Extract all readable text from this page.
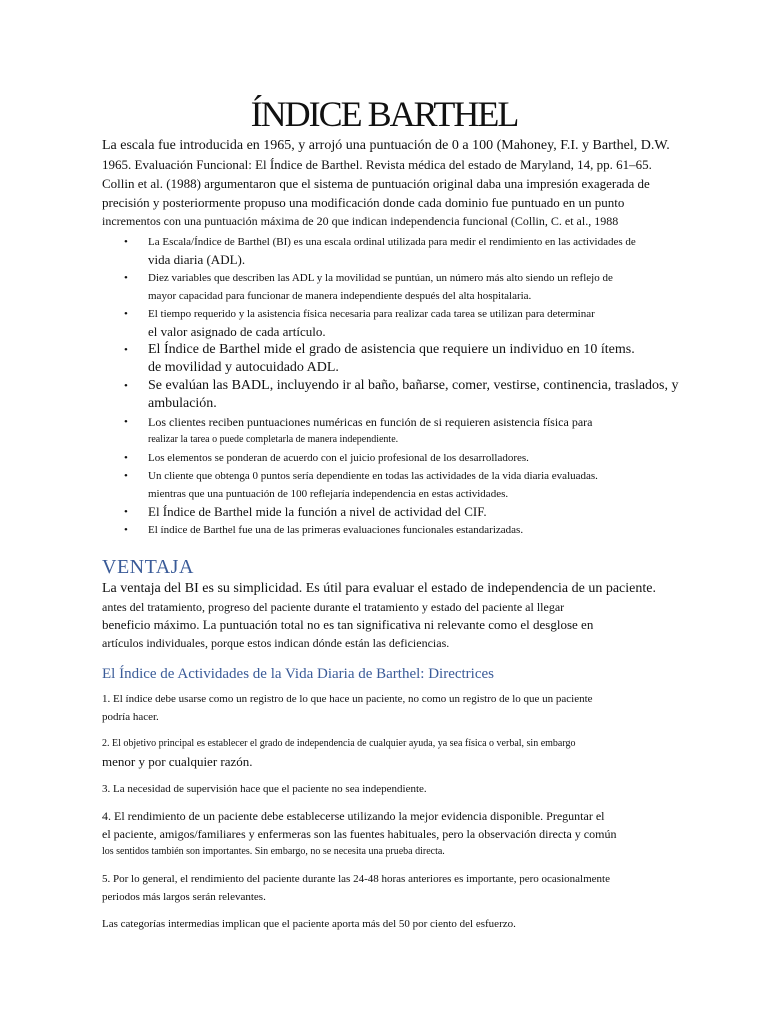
ÍNDICE BARTHEL
La escala fue introducida en 1965, y arrojó una puntuación de 0 a 100 (Mahoney, F.I. y Barthel, D.W.
1965. Evaluación Funcional: El Índice de Barthel. Revista médica del estado de Maryland, 14, pp. 61–65.
Collin et al. (1988) argumentaron que el sistema de puntuación original daba una impresión exagerada de
precisión y posteriormente propuso una modificación donde cada dominio fue puntuado en un punto
incrementos con una puntuación máxima de 20 que indican independencia funcional (Collin, C. et al., 1988
• La Escala/Índice de Barthel (BI) es una escala ordinal utilizada para medir el rendimiento en las actividades de
vida diaria (ADL).
• Diez variables que describen las ADL y la movilidad se puntúan, un número más alto siendo un reflejo de
mayor capacidad para funcionar de manera independiente después del alta hospitalaria.
• El tiempo requerido y la asistencia física necesaria para realizar cada tarea se utilizan para determinar
el valor asignado de cada artículo.
• El Índice de Barthel mide el grado de asistencia que requiere un individuo en 10 ítems.
de movilidad y autocuidado ADL.
• Se evalúan las BADL, incluyendo ir al baño, bañarse, comer, vestirse, continencia, traslados, y
ambulación.
• Los clientes reciben puntuaciones numéricas en función de si requieren asistencia física para
realizar la tarea o puede completarla de manera independiente.
• Los elementos se ponderan de acuerdo con el juicio profesional de los desarrolladores.
• Un cliente que obtenga 0 puntos sería dependiente en todas las actividades de la vida diaria evaluadas.
mientras que una puntuación de 100 reflejaría independencia en estas actividades.
• El Índice de Barthel mide la función a nivel de actividad del CIF.
• El índice de Barthel fue una de las primeras evaluaciones funcionales estandarizadas.
VENTAJA
La ventaja del BI es su simplicidad. Es útil para evaluar el estado de independencia de un paciente.
antes del tratamiento, progreso del paciente durante el tratamiento y estado del paciente al llegar
beneficio máximo. La puntuación total no es tan significativa ni relevante como el desglose en
artículos individuales, porque estos indican dónde están las deficiencias.
El Índice de Actividades de la Vida Diaria de Barthel: Directrices
1. El índice debe usarse como un registro de lo que hace un paciente, no como un registro de lo que un paciente
podría hacer.
2. El objetivo principal es establecer el grado de independencia de cualquier ayuda, ya sea física o verbal, sin embargo
menor y por cualquier razón.
3. La necesidad de supervisión hace que el paciente no sea independiente.
4. El rendimiento de un paciente debe establecerse utilizando la mejor evidencia disponible. Preguntar el
el paciente, amigos/familiares y enfermeras son las fuentes habituales, pero la observación directa y común
los sentidos también son importantes. Sin embargo, no se necesita una prueba directa.
5. Por lo general, el rendimiento del paciente durante las 24-48 horas anteriores es importante, pero ocasionalmente
periodos más largos serán relevantes.
Las categorías intermedias implican que el paciente aporta más del 50 por ciento del esfuerzo.
